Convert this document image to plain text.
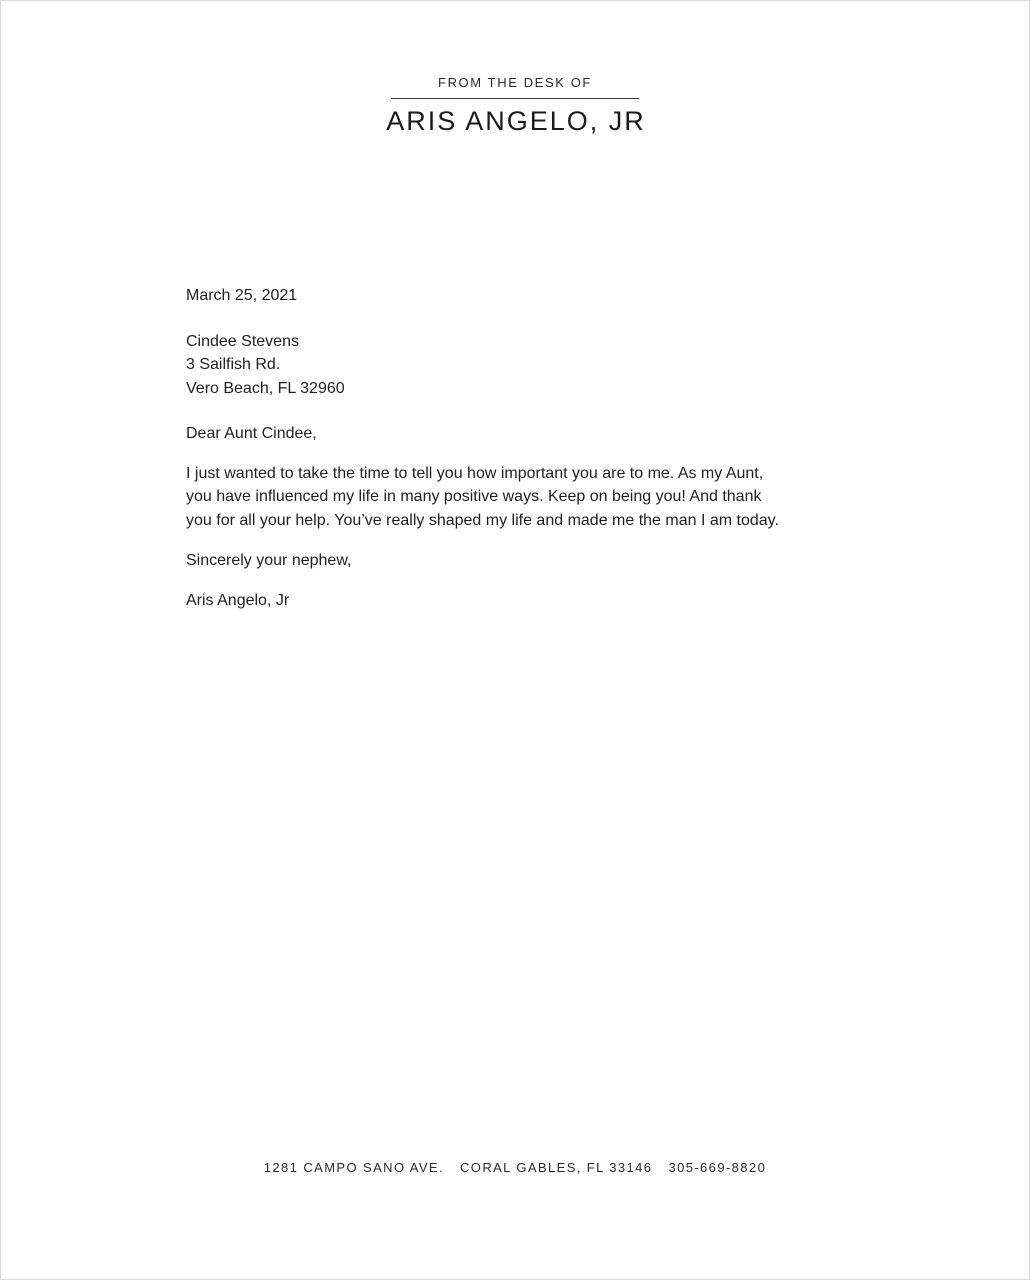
FROM THE DESK OF
ARIS ANGELO, JR
March 25, 2021
Cindee Stevens
3 Sailfish Rd.
Vero Beach, FL 32960
Dear Aunt Cindee,
I just wanted to take the time to tell you how important you are to me. As my Aunt,
you have influenced my life in many positive ways. Keep on being you! And thank
you for all your help. You’ve really shaped my life and made me the man I am today.
Sincerely your nephew,
Aris Angelo, Jr
1281 CAMPO SANO AVE. CORAL GABLES, FL 33146 305-669-8820
